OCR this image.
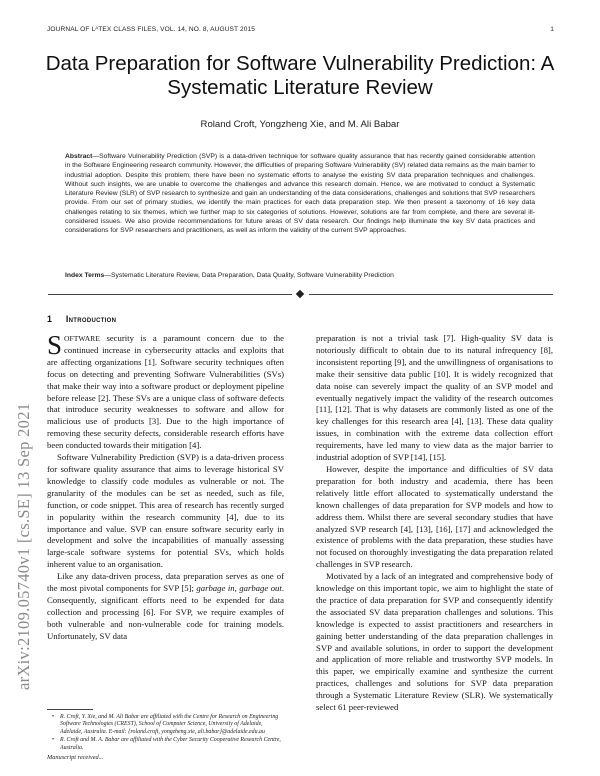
JOURNAL OF LᴬTEX CLASS FILES, VOL. 14, NO. 8, AUGUST 2015	1
arXiv:2109.05740v1 [cs.SE] 13 Sep 2021
Data Preparation for Software Vulnerability Prediction: A Systematic Literature Review
Roland Croft, Yongzheng Xie, and M. Ali Babar
Abstract—Software Vulnerability Prediction (SVP) is a data-driven technique for software quality assurance that has recently gained considerable attention in the Software Engineering research community. However, the difficulties of preparing Software Vulnerability (SV) related data remains as the main barrier to industrial adoption. Despite this problem, there have been no systematic efforts to analyse the existing SV data preparation techniques and challenges. Without such insights, we are unable to overcome the challenges and advance this research domain. Hence, we are motivated to conduct a Systematic Literature Review (SLR) of SVP research to synthesize and gain an understanding of the data considerations, challenges and solutions that SVP researchers provide. From our set of primary studies, we identify the main practices for each data preparation step. We then present a taxonomy of 16 key data challenges relating to six themes, which we further map to six categories of solutions. However, solutions are far from complete, and there are several ill-considered issues. We also provide recommendations for future areas of SV data research. Our findings help illuminate the key SV data practices and considerations for SVP researchers and practitioners, as well as inform the validity of the current SVP approaches.
Index Terms—Systematic Literature Review, Data Preparation, Data Quality, Software Vulnerability Prediction
1 Introduction

SOFTWARE security is a paramount concern due to the continued increase in cybersecurity attacks and exploits that are affecting organizations [1]. Software security techniques often focus on detecting and preventing Software Vulnerabilities (SVs) that make their way into a software product or deployment pipeline before release [2]. These SVs are a unique class of software defects that introduce security weaknesses to software and allow for malicious use of products [3]. Due to the high importance of removing these security defects, considerable research efforts have been conducted towards their mitigation [4].

Software Vulnerability Prediction (SVP) is a data-driven process for software quality assurance that aims to leverage historical SV knowledge to classify code modules as vulnerable or not. The granularity of the modules can be set as needed, such as file, function, or code snippet. This area of research has recently surged in popularity within the research community [4], due to its importance and value. SVP can ensure software security early in development and solve the incapabilities of manually assessing large-scale software systems for potential SVs, which holds inherent value to an organisation.

Like any data-driven process, data preparation serves as one of the most pivotal components for SVP [5]; garbage in, garbage out. Consequently, significant efforts need to be expended for data collection and processing [6]. For SVP, we require examples of both vulnerable and non-vulnerable code for training models. Unfortunately, SV data

• R. Croft, Y. Xie, and M. Ali Babar are affiliated with the Centre for Research on Engineering Software Technologies (CREST), School of Computer Science, University of Adelaide, Adelaide, Australia. E-mail: {roland.croft, yongzheng.xie, ali.babar}@adelaide.edu.au
• R. Croft and M. A. Babar are affiliated with the Cyber Security Cooperative Research Centre, Australia.
Manuscript received...

preparation is not a trivial task [7]. High-quality SV data is notoriously difficult to obtain due to its natural infrequency [8], inconsistent reporting [9], and the unwillingness of organisations to make their sensitive data public [10]. It is widely recognized that data noise can severely impact the quality of an SVP model and eventually negatively impact the validity of the research outcomes [11], [12]. That is why datasets are commonly listed as one of the key challenges for this research area [4], [13]. These data quality issues, in combination with the extreme data collection effort requirements, have led many to view data as the major barrier to industrial adoption of SVP [14], [15].

However, despite the importance and difficulties of SV data preparation for both industry and academia, there has been relatively little effort allocated to systematically understand the known challenges of data preparation for SVP models and how to address them. Whilst there are several secondary studies that have analyzed SVP research [4], [13], [16], [17] and acknowledged the existence of problems with the data preparation, these studies have not focused on thoroughly investigating the data preparation related challenges in SVP research.

Motivated by a lack of an integrated and comprehensive body of knowledge on this important topic, we aim to highlight the state of the practice of data preparation for SVP and consequently identify the associated SV data preparation challenges and solutions. This knowledge is expected to assist practitioners and researchers in gaining better understanding of the data preparation challenges in SVP and available solutions, in order to support the development and application of more reliable and trustworthy SVP models. In this paper, we empirically examine and synthesize the current practices, challenges and solutions for SVP data preparation through a Systematic Literature Review (SLR). We systematically select 61 peer-reviewed
